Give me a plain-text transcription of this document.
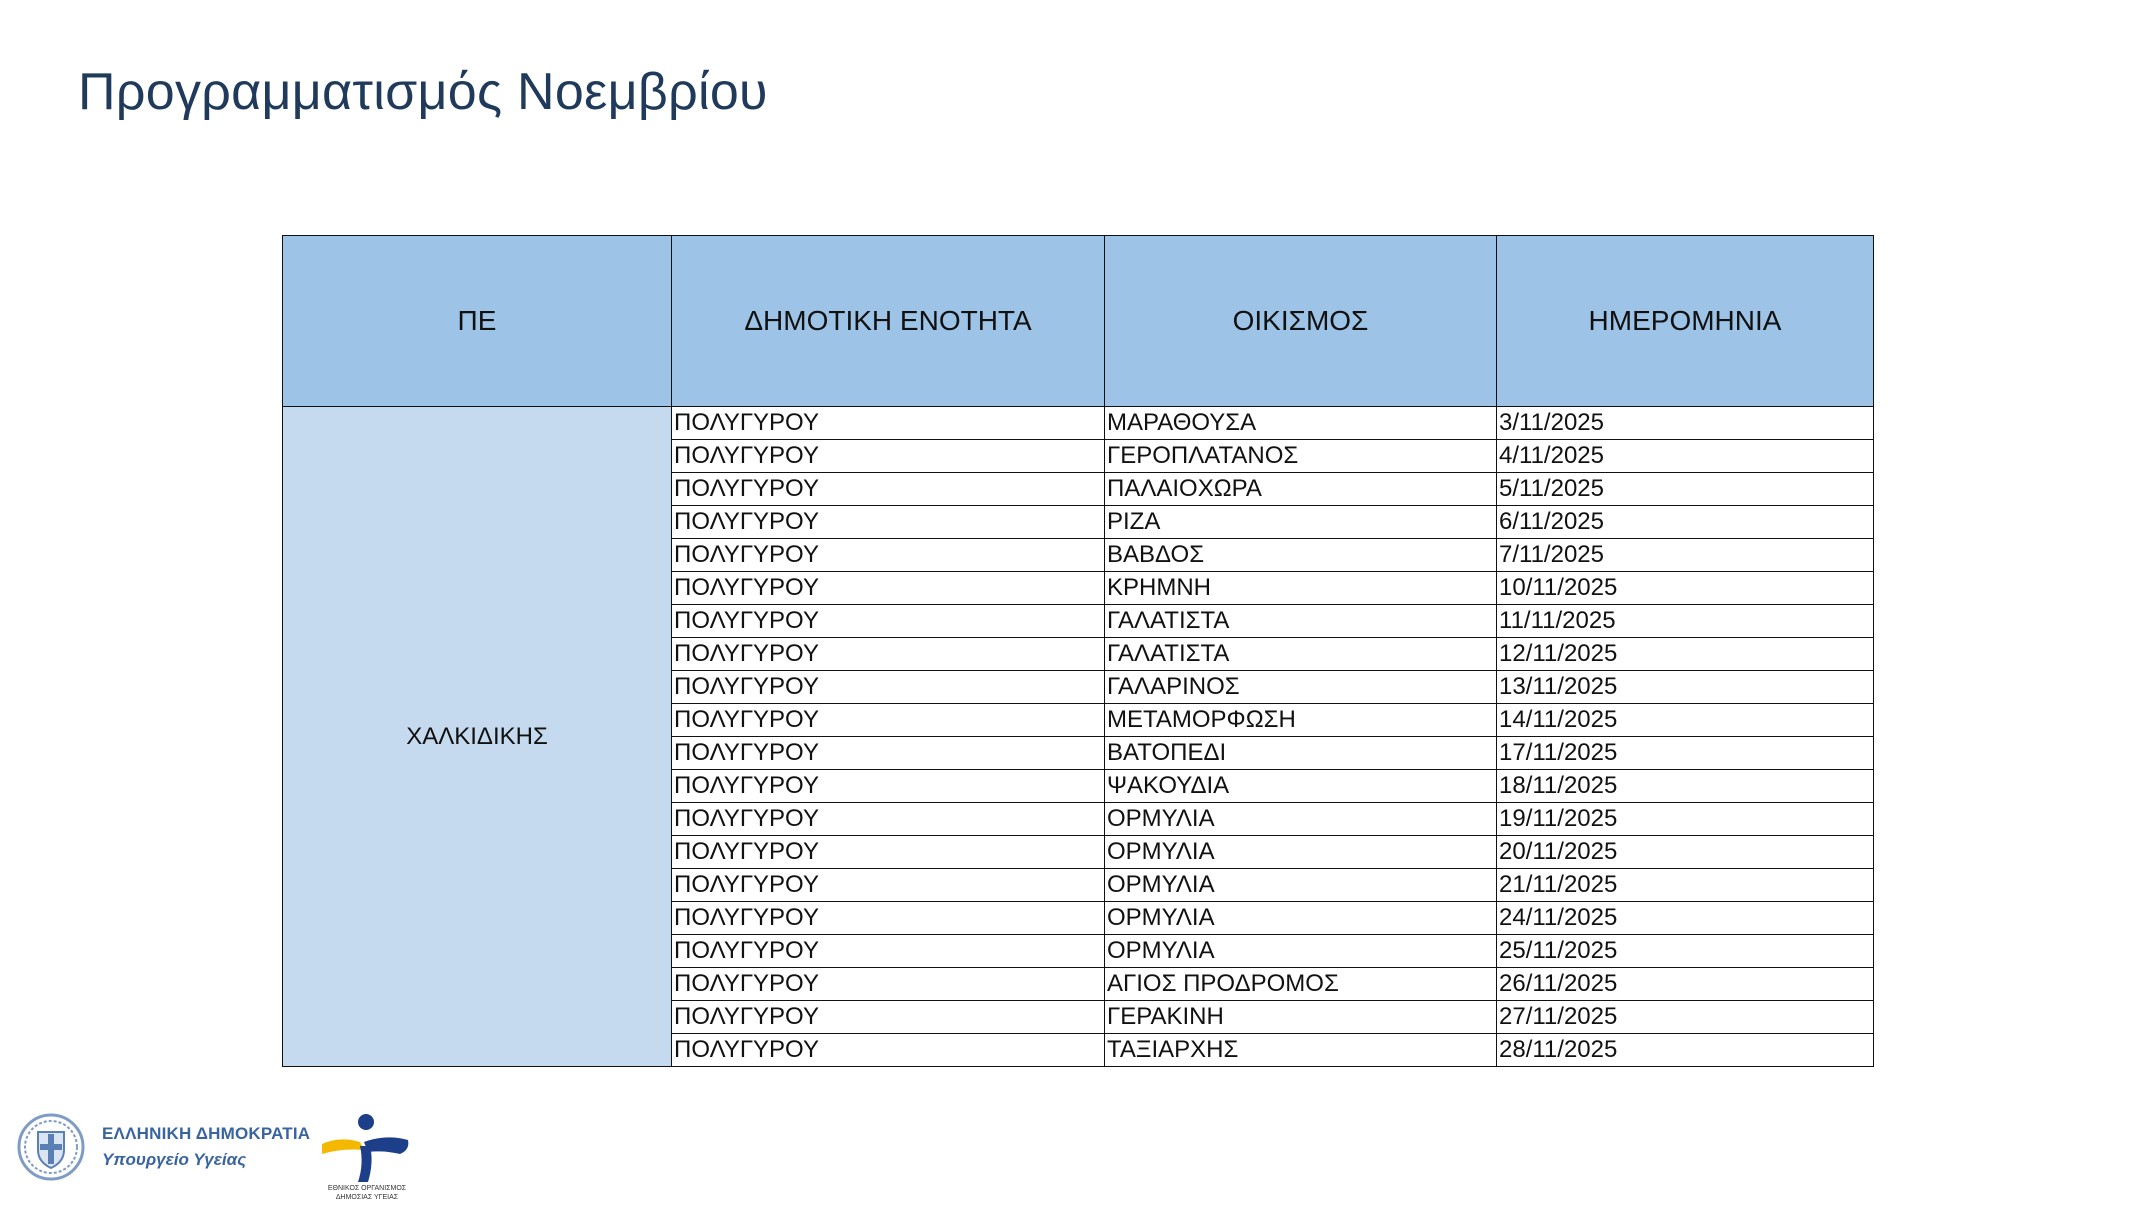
Προγραμματισμός Νοεμβρίου
ΠΕ	ΔΗΜΟΤΙΚΗ ΕΝΟΤΗΤΑ	ΟΙΚΙΣΜΟΣ	ΗΜΕΡΟΜΗΝΙΑ
ΧΑΛΚΙΔΙΚΗΣ	ΠΟΛΥΓΥΡΟΥ	ΜΑΡΑΘΟΥΣΑ	3/11/2025
	ΠΟΛΥΓΥΡΟΥ	ΓΕΡΟΠΛΑΤΑΝΟΣ	4/11/2025
	ΠΟΛΥΓΥΡΟΥ	ΠΑΛΑΙΟΧΩΡΑ	5/11/2025
	ΠΟΛΥΓΥΡΟΥ	ΡΙΖΑ	6/11/2025
	ΠΟΛΥΓΥΡΟΥ	ΒΑΒΔΟΣ	7/11/2025
	ΠΟΛΥΓΥΡΟΥ	ΚΡΗΜΝΗ	10/11/2025
	ΠΟΛΥΓΥΡΟΥ	ΓΑΛΑΤΙΣΤΑ	11/11/2025
	ΠΟΛΥΓΥΡΟΥ	ΓΑΛΑΤΙΣΤΑ	12/11/2025
	ΠΟΛΥΓΥΡΟΥ	ΓΑΛΑΡΙΝΟΣ	13/11/2025
	ΠΟΛΥΓΥΡΟΥ	ΜΕΤΑΜΟΡΦΩΣΗ	14/11/2025
	ΠΟΛΥΓΥΡΟΥ	ΒΑΤΟΠΕΔΙ	17/11/2025
	ΠΟΛΥΓΥΡΟΥ	ΨΑΚΟΥΔΙΑ	18/11/2025
	ΠΟΛΥΓΥΡΟΥ	ΟΡΜΥΛΙΑ	19/11/2025
	ΠΟΛΥΓΥΡΟΥ	ΟΡΜΥΛΙΑ	20/11/2025
	ΠΟΛΥΓΥΡΟΥ	ΟΡΜΥΛΙΑ	21/11/2025
	ΠΟΛΥΓΥΡΟΥ	ΟΡΜΥΛΙΑ	24/11/2025
	ΠΟΛΥΓΥΡΟΥ	ΟΡΜΥΛΙΑ	25/11/2025
	ΠΟΛΥΓΥΡΟΥ	ΑΓΙΟΣ ΠΡΟΔΡΟΜΟΣ	26/11/2025
	ΠΟΛΥΓΥΡΟΥ	ΓΕΡΑΚΙΝΗ	27/11/2025
	ΠΟΛΥΓΥΡΟΥ	ΤΑΞΙΑΡΧΗΣ	28/11/2025
ΕΛΛΗΝΙΚΗ ΔΗΜΟΚΡΑΤΙΑ
Υπουργείο Υγείας
ΕΘΝΙΚΟΣ ΟΡΓΑΝΙΣΜΟΣ ΔΗΜΟΣΙΑΣ ΥΓΕΙΑΣ
